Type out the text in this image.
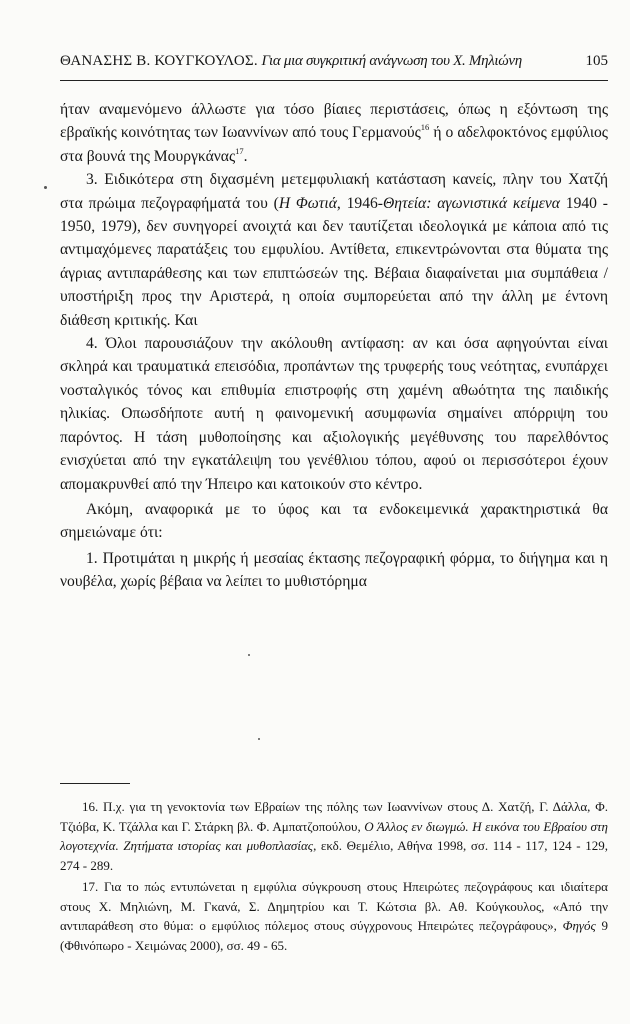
ΘΑΝΑΣΗΣ Β. ΚΟΥΓΚΟΥΛΟΣ. Για μια συγκριτική ανάγνωση του Χ. Μηλιώνη	105

ήταν αναμενόμενο άλλωστε για τόσο βίαιες περιστάσεις, όπως η εξόντωση της εβραϊκής κοινότητας των Ιωαννίνων από τους Γερμανούς$^{16}$ ή ο αδελφοκτόνος εμφύλιος στα βουνά της Μουργκάνας$^{17}$.

3. Ειδικότερα στη διχασμένη μετεμφυλιακή κατάσταση κανείς, πλην του Χατζή στα πρώιμα πεζογραφήματά του (Η Φωτιά, 1946-Θητεία: αγωνιστικά κείμενα 1940 - 1950, 1979), δεν συνηγορεί ανοιχτά και δεν ταυτίζεται ιδεολογικά με κάποια από τις αντιμαχόμενες παρατάξεις του εμφυλίου. Αντίθετα, επικεντρώνονται στα θύματα της άγριας αντιπαράθεσης και των επιπτώσεών της. Βέβαια διαφαίνεται μια συμπάθεια / υποστήριξη προς την Αριστερά, η οποία συμπορεύεται από την άλλη με έντονη διάθεση κριτικής. Και

4. Όλοι παρουσιάζουν την ακόλουθη αντίφαση: αν και όσα αφηγούνται είναι σκληρά και τραυματικά επεισόδια, προπάντων της τρυφερής τους νεότητας, ενυπάρχει νοσταλγικός τόνος και επιθυμία επιστροφής στη χαμένη αθωότητα της παιδικής ηλικίας. Οπωσδήποτε αυτή η φαινομενική ασυμφωνία σημαίνει απόρριψη του παρόντος. Η τάση μυθοποίησης και αξιολογικής μεγέθυνσης του παρελθόντος ενισχύεται από την εγκατάλειψη του γενέθλιου τόπου, αφού οι περισσότεροι έχουν απομακρυνθεί από την Ήπειρο και κατοικούν στο κέντρο.

Ακόμη, αναφορικά με το ύφος και τα ενδοκειμενικά χαρακτηριστικά θα σημειώναμε ότι:

1. Προτιμάται η μικρής ή μεσαίας έκτασης πεζογραφική φόρμα, το διήγημα και η νουβέλα, χωρίς βέβαια να λείπει το μυθιστόρημα

16. Π.χ. για τη γενοκτονία των Εβραίων της πόλης των Ιωαννίνων στους Δ. Χατζή, Γ. Δάλλα, Φ. Τζιόβα, Κ. Τζάλλα και Γ. Στάρκη βλ. Φ. Αμπατζοπούλου, Ο Άλλος εν διωγμώ. Η εικόνα του Εβραίου στη λογοτεχνία. Ζητήματα ιστορίας και μυθοπλασίας, εκδ. Θεμέλιο, Αθήνα 1998, σσ. 114 - 117, 124 - 129, 274 - 289.

17. Για το πώς εντυπώνεται η εμφύλια σύγκρουση στους Ηπειρώτες πεζογράφους και ιδιαίτερα στους Χ. Μηλιώνη, Μ. Γκανά, Σ. Δημητρίου και Τ. Κώτσια βλ. Αθ. Κούγκουλος, «Από την αντιπαράθεση στο θύμα: ο εμφύλιος πόλεμος στους σύγχρονους Ηπειρώτες πεζογράφους», Φηγός 9 (Φθινόπωρο - Χειμώνας 2000), σσ. 49 - 65.
